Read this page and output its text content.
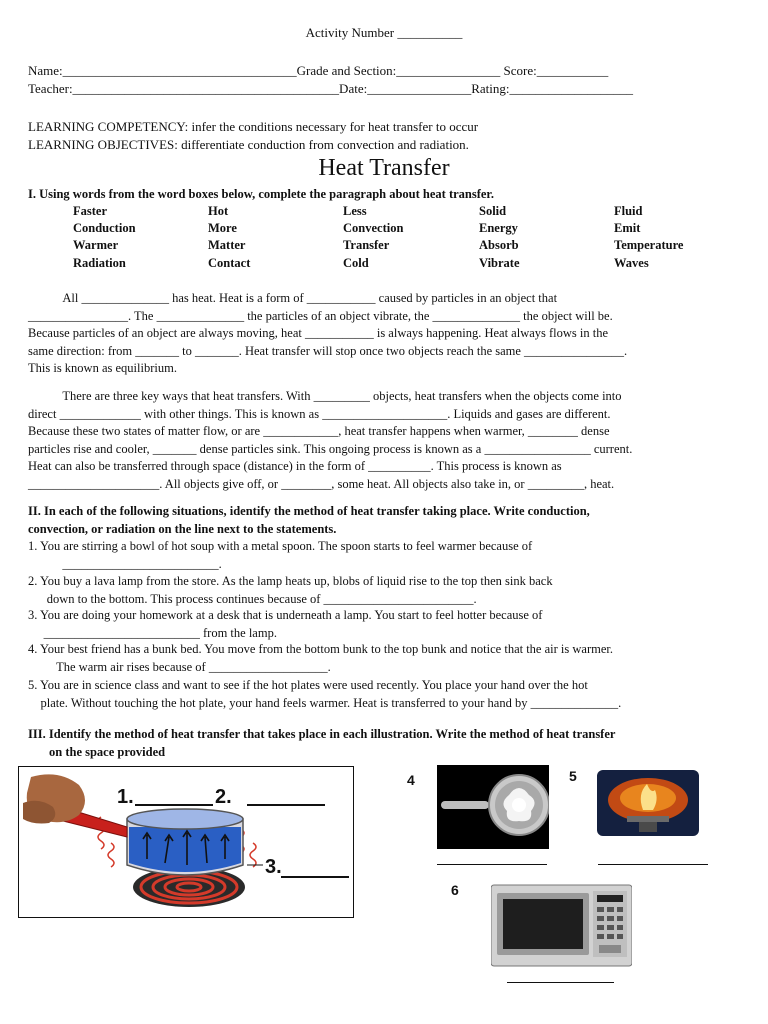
Activity Number __________
Name:____________________________________Grade and Section:________________ Score:___________
Teacher:_________________________________________Date:________________Rating:___________________
LEARNING COMPETENCY: infer the conditions necessary for heat transfer to occur
LEARNING OBJECTIVES: differentiate conduction from convection and radiation.
Heat Transfer
I. Using words from the word boxes below, complete the paragraph about heat transfer.
Faster	Hot	Less	Solid	Fluid
Conduction	More	Convection	Energy	Emit
Warmer	Matter	Transfer	Absorb	Temperature
Radiation	Contact	Cold	Vibrate	Waves
All ______________ has heat. Heat is a form of ___________ caused by particles in an object that
________________. The ______________ the particles of an object vibrate, the ______________ the object will be.
Because particles of an object are always moving, heat ___________ is always happening. Heat always flows in the
same direction: from _______ to _______. Heat transfer will stop once two objects reach the same ________________.
This is known as equilibrium.
There are three key ways that heat transfers. With _________ objects, heat transfers when the objects come into
direct _____________ with other things. This is known as ____________________. Liquids and gases are different.
Because these two states of matter flow, or are ____________, heat transfer happens when warmer, ________ dense
particles rise and cooler, _______ dense particles sink. This ongoing process is known as a _________________ current.
Heat can also be transferred through space (distance) in the form of __________. This process is known as
_____________________. All objects give off, or ________, some heat. All objects also take in, or _________, heat.
II. In each of the following situations, identify the method of heat transfer taking place. Write conduction,
convection, or radiation on the line next to the statements.
1. You are stirring a bowl of hot soup with a metal spoon. The spoon starts to feel warmer because of
_________________________.
2. You buy a lava lamp from the store. As the lamp heats up, blobs of liquid rise to the top then sink back
down to the bottom. This process continues because of ________________________.
3. You are doing your homework at a desk that is underneath a lamp. You start to feel hotter because of
_________________________ from the lamp.
4. Your best friend has a bunk bed. You move from the bottom bunk to the top bunk and notice that the air is warmer.
The warm air rises because of ___________________.
5. You are in science class and want to see if the hot plates were used recently. You place your hand over the hot
plate. Without touching the hot plate, your hand feels warmer. Heat is transferred to your hand by ______________.
III. Identify the method of heat transfer that takes place in each illustration. Write the method of heat transfer
on the space provided
1.	2.
3.
4	5
6
